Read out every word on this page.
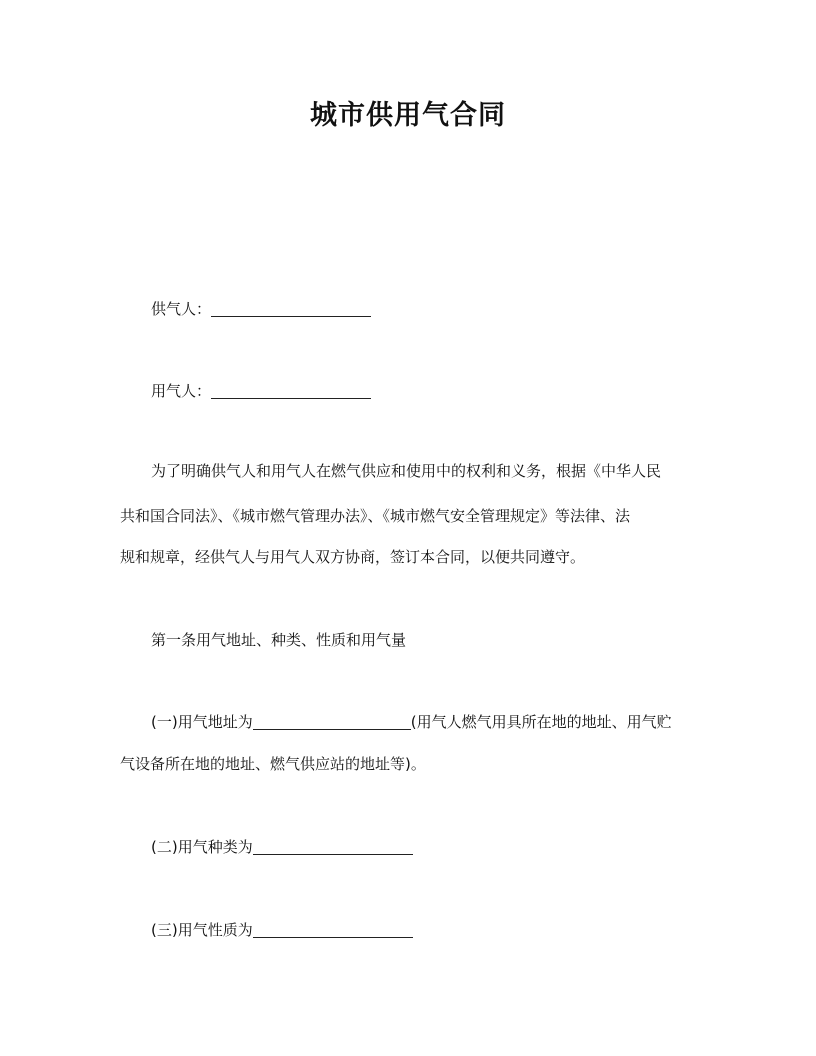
城市供用气合同
供气人：
用气人：
为了明确供气人和用气人在燃气供应和使用中的权利和义务，根据《中华人民
共和国合同法》、《城市燃气管理办法》、《城市燃气安全管理规定》等法律、法
规和规章，经供气人与用气人双方协商，签订本合同，以便共同遵守。
第一条用气地址、种类、性质和用气量
(一)用气地址为	(用气人燃气用具所在地的地址、用气贮
气设备所在地的地址、燃气供应站的地址等)。
(二)用气种类为
(三)用气性质为
